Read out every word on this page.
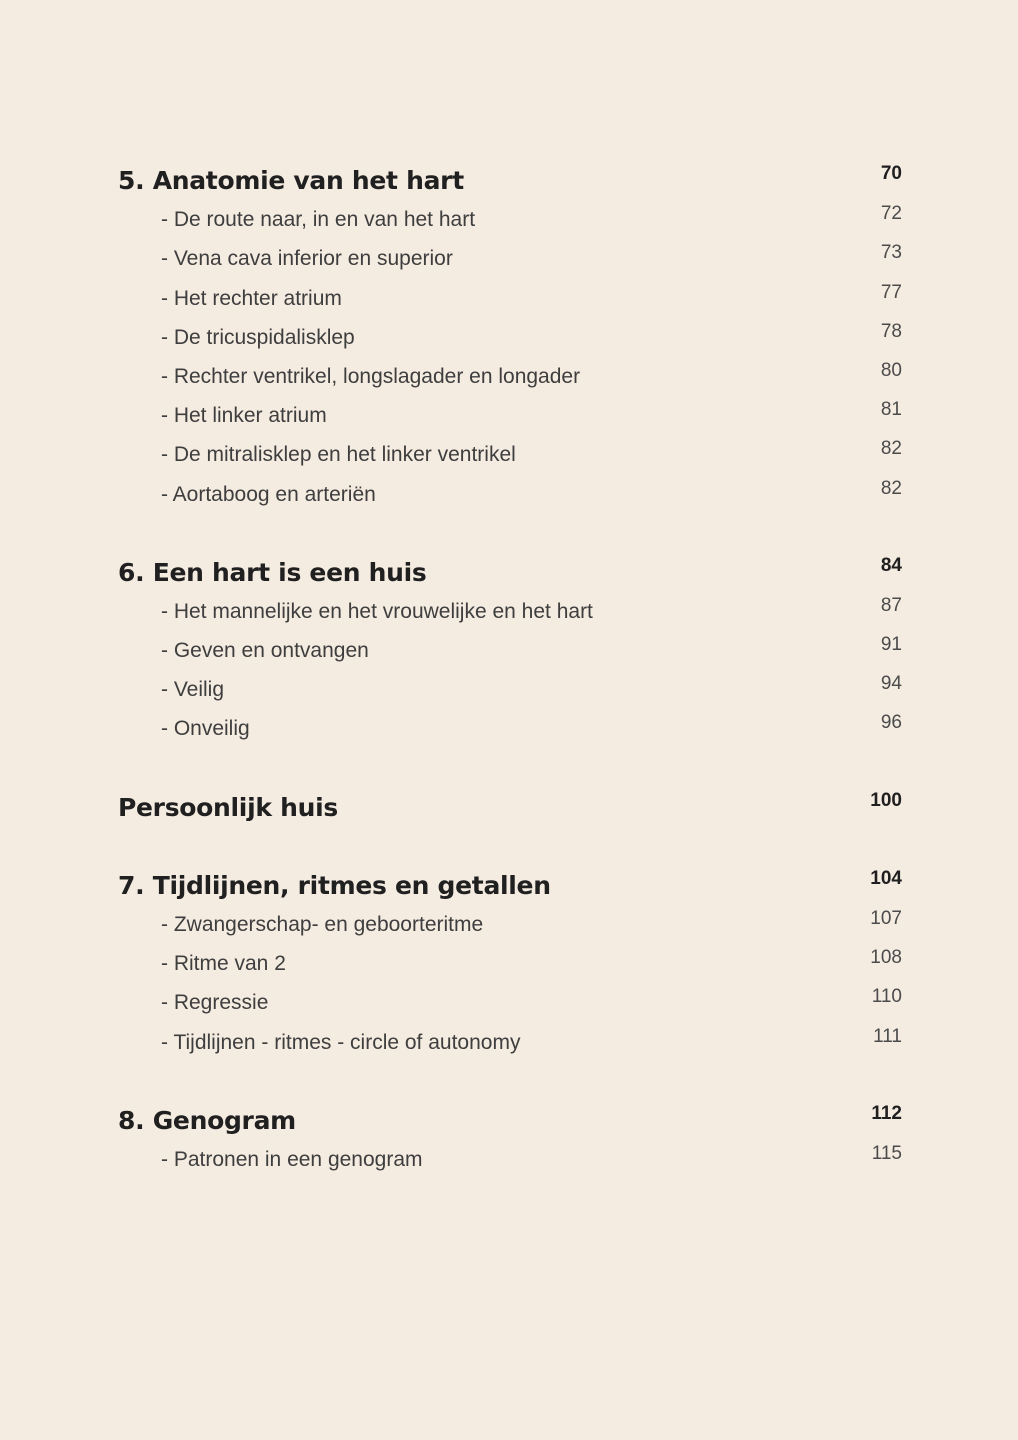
5. Anatomie van het hart	70
- De route naar, in en van het hart	72
- Vena cava inferior en superior	73
- Het rechter atrium	77
- De tricuspidalisklep	78
- Rechter ventrikel, longslagader en longader	80
- Het linker atrium	81
- De mitralisklep en het linker ventrikel	82
- Aortaboog en arteriën	82
6. Een hart is een huis	84
- Het mannelijke en het vrouwelijke en het hart	87
- Geven en ontvangen	91
- Veilig	94
- Onveilig	96
Persoonlijk huis	100
7. Tijdlijnen, ritmes en getallen	104
- Zwangerschap- en geboorteritme	107
- Ritme van 2	108
- Regressie	110
- Tijdlijnen - ritmes - circle of autonomy	111
8. Genogram	112
- Patronen in een genogram	115
